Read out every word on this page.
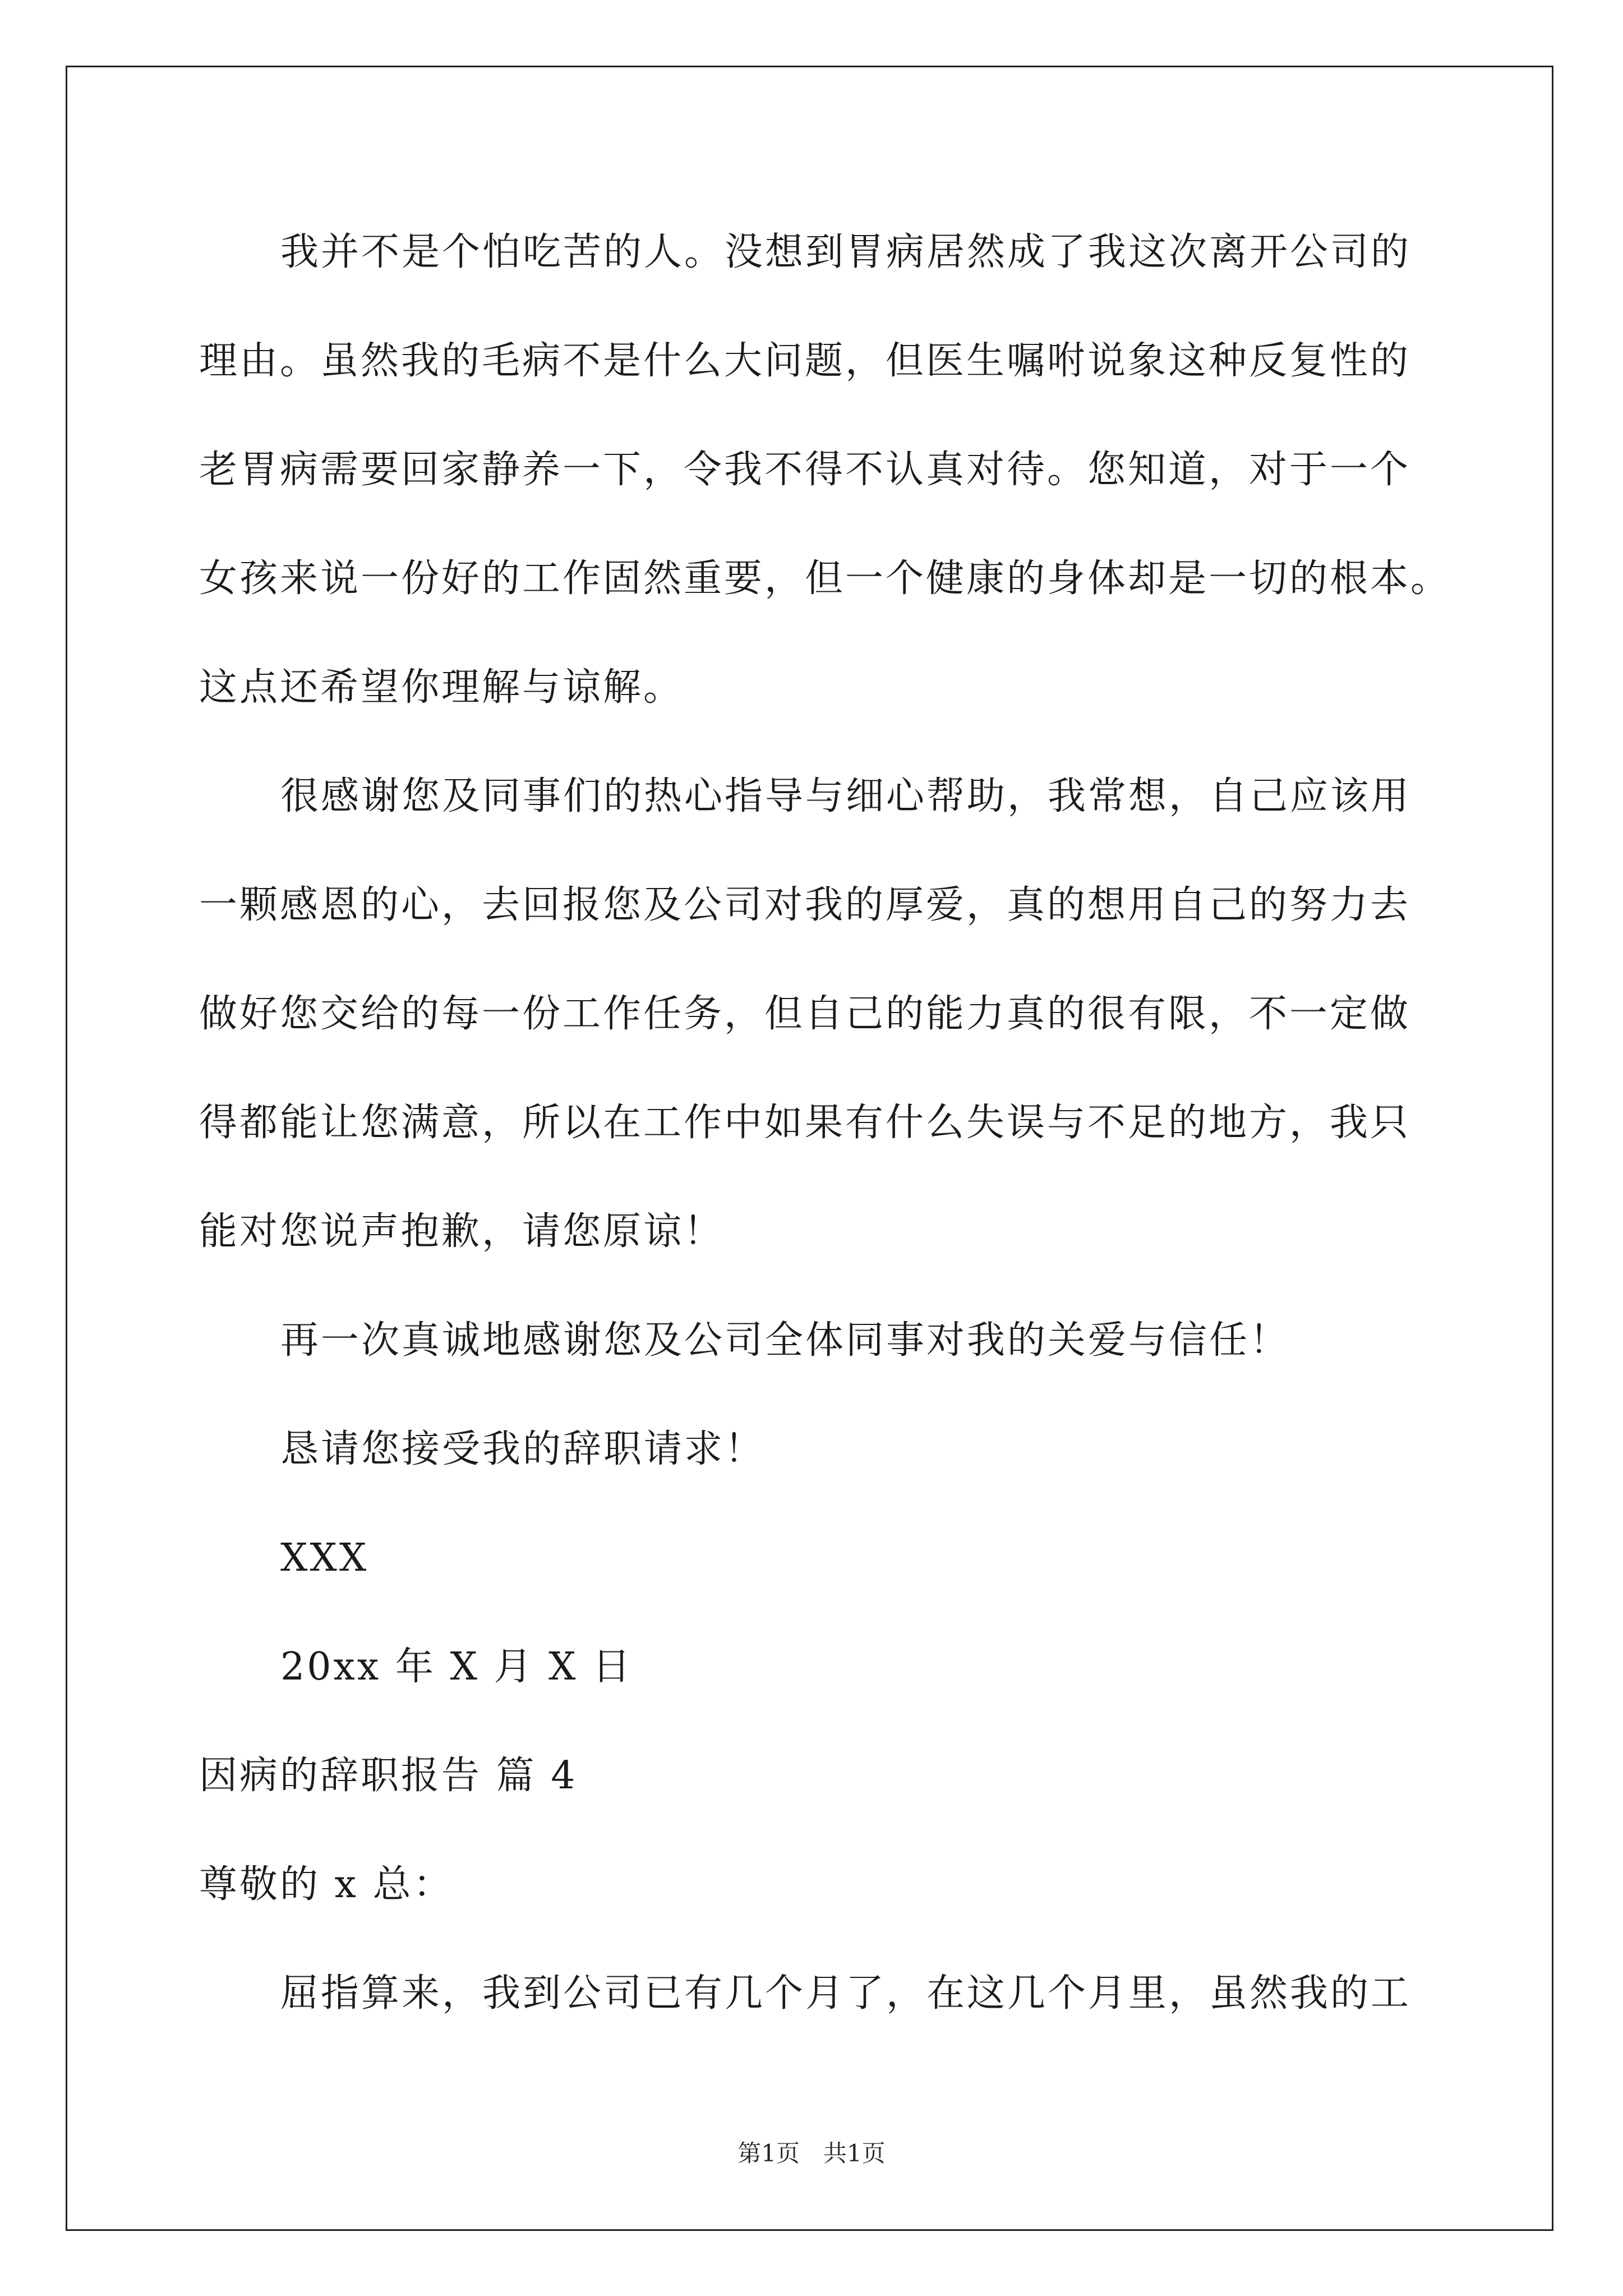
我并不是个怕吃苦的人。没想到胃病居然成了我这次离开公司的
理由。虽然我的毛病不是什么大问题，但医生嘱咐说象这种反复性的
老胃病需要回家静养一下，令我不得不认真对待。您知道，对于一个
女孩来说一份好的工作固然重要，但一个健康的身体却是一切的根本。
这点还希望你理解与谅解。
很感谢您及同事们的热心指导与细心帮助，我常想，自己应该用
一颗感恩的心，去回报您及公司对我的厚爱，真的想用自己的努力去
做好您交给的每一份工作任务，但自己的能力真的很有限，不一定做
得都能让您满意，所以在工作中如果有什么失误与不足的地方，我只
能对您说声抱歉，请您原谅！
再一次真诚地感谢您及公司全体同事对我的关爱与信任！
恳请您接受我的辞职请求！
XXX
20xx 年 X 月 X 日
因病的辞职报告 篇 4
尊敬的 x 总：
屈指算来，我到公司已有几个月了，在这几个月里，虽然我的工
第1页　共1页
